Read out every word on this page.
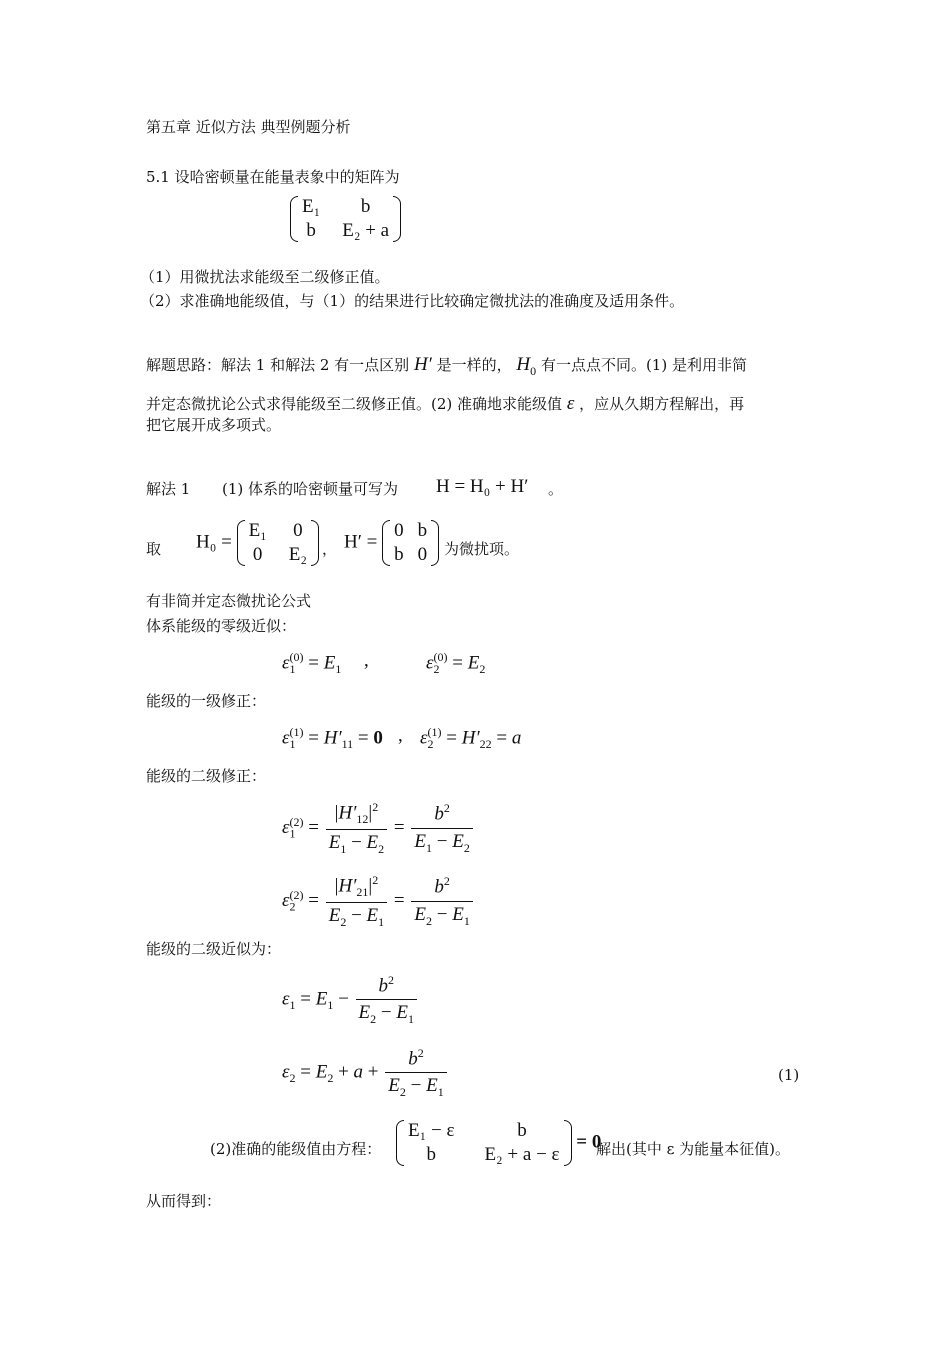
第五章 近似方法 典型例题分析
5.1 设哈密顿量在能量表象中的矩阵为
E₁	b
b E₂ + a
（1）用微扰法求能级至二级修正值。
（2）求准确地能级值，与（1）的结果进行比较确定微扰法的准确度及适用条件。
解题思路：解法 1 和解法 2 有一点区别 H′ 是一样的， $H_0$ 有一点点不同。(1) 是利用非简
并定态微扰论公式求得能级至二级修正值。(2) 准确地求能级值 ε ，应从久期方程解出，再
把它展开成多项式。
解法 1 (1) 体系的哈密顿量可写为 H = H₀ + H′ 。
取 H₀ =
E₁ 0
0 E₂ ， H′ =
0 b
b 0 为微扰项。
有非简并定态微扰论公式
体系能级的零级近似：
$\varepsilon_1^{(0)} = E_1$ ,	$\varepsilon_2^{(0)} = E_2$
能级的一级修正：
$\varepsilon_1^{(1)} = H'_{11} = 0$ , $\varepsilon_2^{(1)} = H'_{22} = a$
能级的二级修正：
$\varepsilon_1^{(2)} = \frac{|H'_{12}|^2}{E_1 - E_2} = \frac{b^2}{E_1 - E_2}$
$\varepsilon_2^{(2)} = \frac{|H'_{21}|^2}{E_2 - E_1} = \frac{b^2}{E_2 - E_1}$
能级的二级近似为：
$\varepsilon_1 = E_1 - \frac{b^2}{E_2 - E_1}$
$\varepsilon_2 = E_2 + a + \frac{b^2}{E_2 - E_1}$	(1)
(2)准确的能级值由方程：
E₁ − ε	b
b	E₂ + a − ε
= 0
解出(其中 ε 为能量本征值)。
从而得到：
